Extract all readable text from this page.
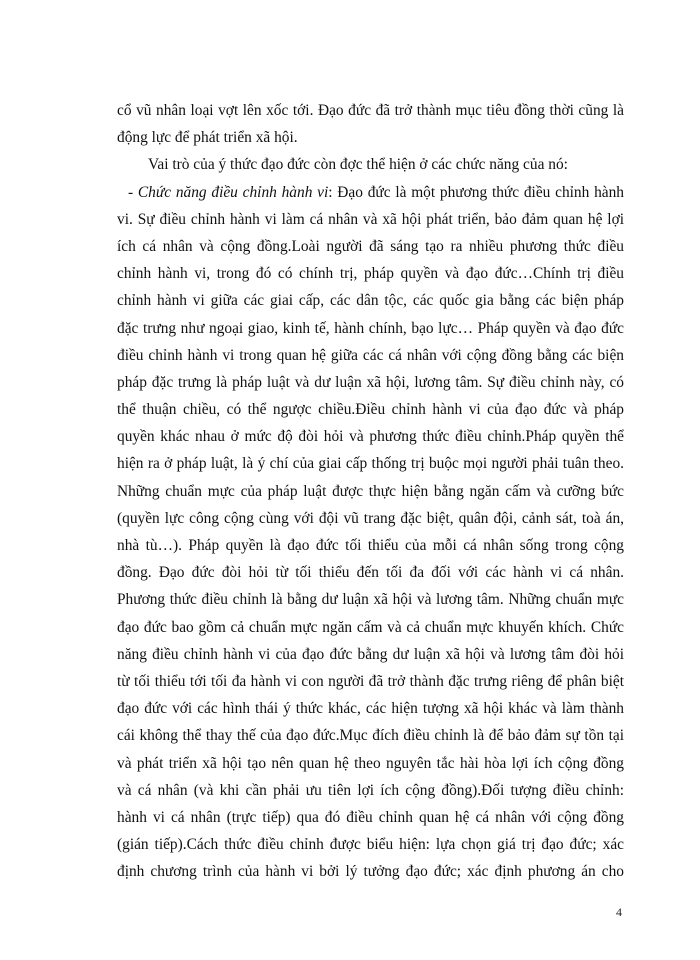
cổ vũ nhân loại vợt lên xốc tới. Đạo đức đã trở thành mục tiêu đồng thời cũng là
động lực để phát triển xã hội.
Vai trò của ý thức đạo đức còn đợc thể hiện ở các chức năng của nó:
- Chức năng điều chỉnh hành vi: Đạo đức là một phương thức điều chỉnh hành
vi. Sự điều chỉnh hành vi làm cá nhân và xã hội phát triển, bảo đảm quan hệ lợi
ích cá nhân và cộng đồng.Loài người đã sáng tạo ra nhiều phương thức điều
chỉnh hành vi, trong đó có chính trị, pháp quyền và đạo đức…Chính trị điều
chỉnh hành vi giữa các giai cấp, các dân tộc, các quốc gia bằng các biện pháp
đặc trưng như ngoại giao, kinh tế, hành chính, bạo lực… Pháp quyền và đạo đức
điều chỉnh hành vi trong quan hệ giữa các cá nhân với cộng đồng bằng các biện
pháp đặc trưng là pháp luật và dư luận xã hội, lương tâm. Sự điều chỉnh này, có
thể thuận chiều, có thể ngược chiều.Điều chỉnh hành vi của đạo đức và pháp
quyền khác nhau ở mức độ đòi hỏi và phương thức điều chỉnh.Pháp quyền thể
hiện ra ở pháp luật, là ý chí của giai cấp thống trị buộc mọi người phải tuân theo.
Những chuẩn mực của pháp luật được thực hiện bằng ngăn cấm và cưỡng bức
(quyền lực công cộng cùng với đội vũ trang đặc biệt, quân đội, cảnh sát, toà án,
nhà tù…). Pháp quyền là đạo đức tối thiểu của mỗi cá nhân sống trong cộng
đồng. Đạo đức đòi hỏi từ tối thiểu đến tối đa đối với các hành vi cá nhân.
Phương thức điều chỉnh là bằng dư luận xã hội và lương tâm. Những chuẩn mực
đạo đức bao gồm cả chuẩn mực ngăn cấm và cả chuẩn mực khuyến khích. Chức
năng điều chỉnh hành vi của đạo đức bằng dư luận xã hội và lương tâm đòi hỏi
từ tối thiểu tới tối đa hành vi con người đã trở thành đặc trưng riêng để phân biệt
đạo đức với các hình thái ý thức khác, các hiện tượng xã hội khác và làm thành
cái không thể thay thế của đạo đức.Mục đích điều chỉnh là để bảo đảm sự tồn tại
và phát triển xã hội tạo nên quan hệ theo nguyên tắc hài hòa lợi ích cộng đồng
và cá nhân (và khi cần phải ưu tiên lợi ích cộng đồng).Đối tượng điều chỉnh:
hành vi cá nhân (trực tiếp) qua đó điều chỉnh quan hệ cá nhân với cộng đồng
(gián tiếp).Cách thức điều chỉnh được biểu hiện: lựa chọn giá trị đạo đức; xác
định chương trình của hành vi bởi lý tưởng đạo đức; xác định phương án cho
4
